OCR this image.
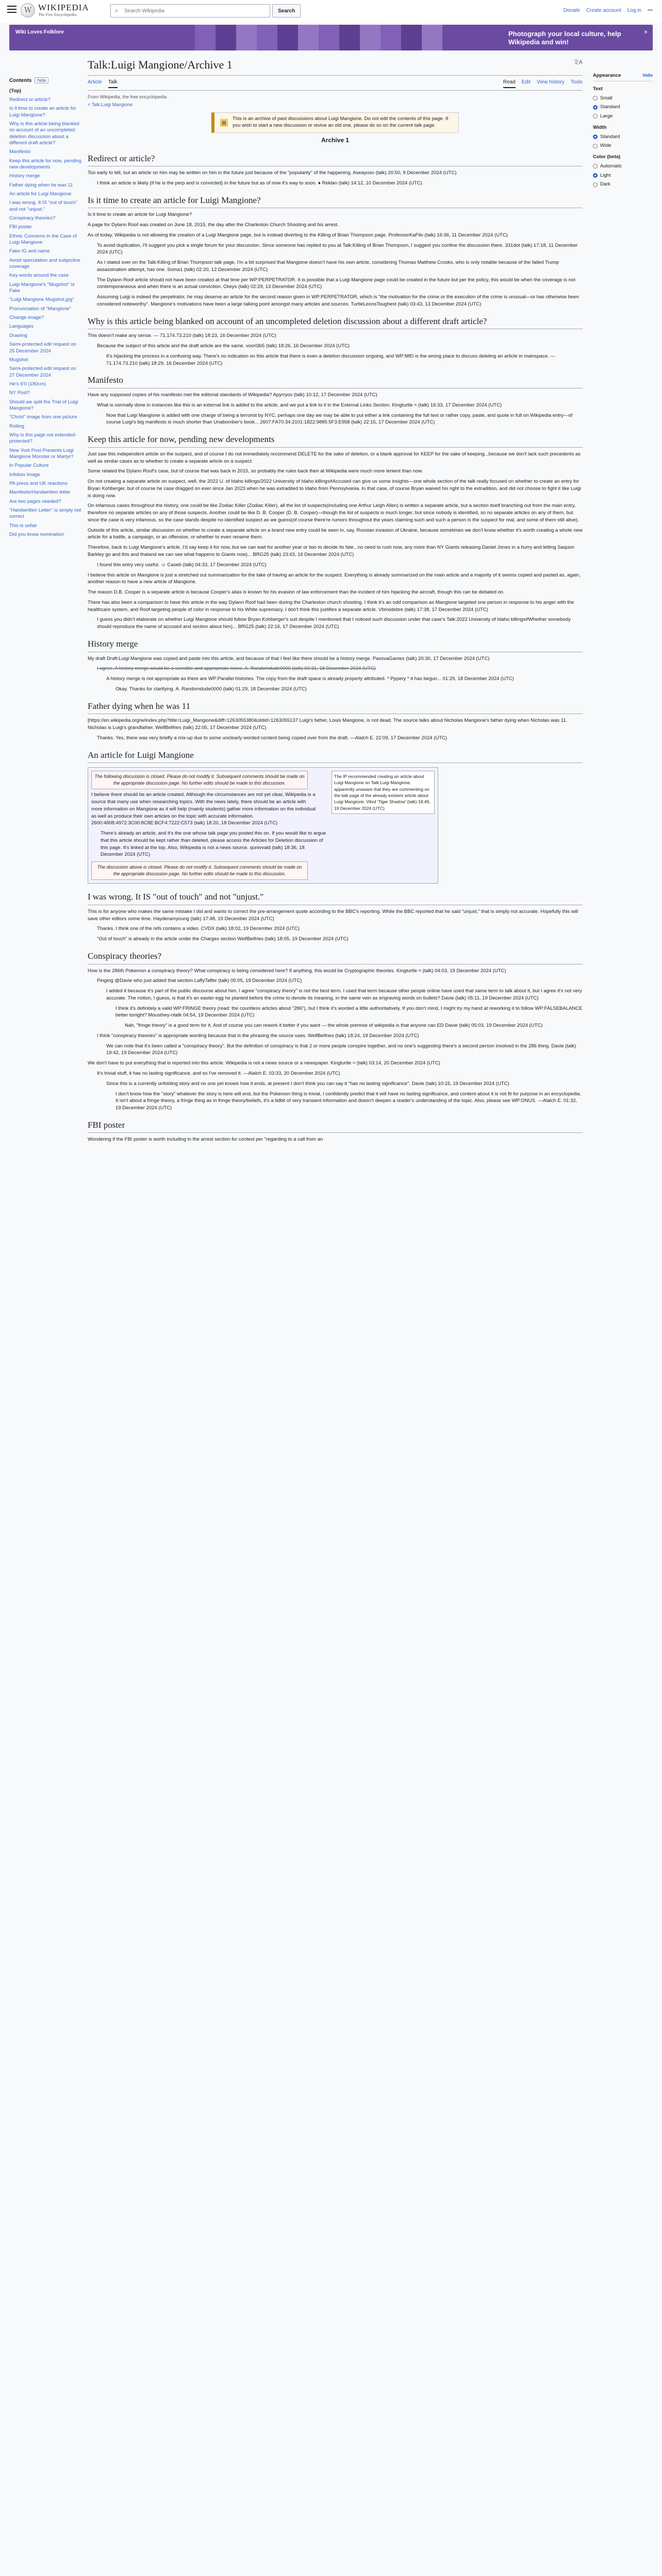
W WIKIPEDIA
The Free Encyclopedia
⌕
Search Wikipedia	Search	Donate Create account Log in ⋯
Wiki Loves Folklore	Photograph your local culture, help Wikipedia and win!
×
Contents hide
(Top)
Redirect or article?
Is it time to create an article for Luigi Mangione?
Why is this article being blanked on account of an uncompleted deletion discussion about a different draft article?
Manifesto
Keep this article for now, pending new developments
History merge
Father dying when he was 11
An article for Luigi Mangione
I was wrong. It IS "out of touch" and not "unjust."
Conspiracy theories?
FBI poster
Ethnic Concerns in the Case of Luigi Mangione
Fake IG and name
Avoid speculation and subjective coverage
Key words around the case
Luigi Mangione's "Mugshot" Is Fake
"Luigi Mangione Mugshot.jpg"
Pronunciation of "Mangione"
Change image?
Languages
Drawing
Semi-protected edit request on 25 December 2024
Mugshot
Semi-protected edit request on 27 December 2024
He's 6'0 (180cm)
NY Post?
Should we split the Trial of Luigi Mangione?
"Christ" image from one picture
Rolling
Why is this page not extended-protected?
New York Post Presents Luigi Mangione Monster or Martyr?
In Popular Culture
Infobox image
PA press and UK reactions
Manifesto/Handwritten letter
Are two pages needed?
"Handwritten Letter" is simply not correct
This is unfair
Did you know nomination
Talk:Luigi Mangione/Archive 1	文A
Article Talk	Read Edit View history Tools
From Wikipedia, the free encyclopedia
< Talk:Luigi Mangione
▣ This is an archive of past discussions about Luigi Mangione. Do not edit the contents of this page. If you wish to start a new discussion or revive an old one, please do so on the current talk page.
Archive 1
Redirect or article?

Too early to tell, but an article on him may be written on him in the future just because of the "popularity" of the happening. Aseayusn (talk) 20:50, 9 December 2024 (UTC)

I think an article is likely (if he is the perp and is convicted) in the future but as of now it's way to soon. ♦ Reklan (talk) 14:12, 10 December 2024 (UTC)

Is it time to create an article for Luigi Mangione?

Is it time to create an article for Luigi Mangione?

A page for Dylann Roof was created on June 18, 2015, the day after the Charleston Church Shooting and his arrest.

As of today, Wikipedia is not allowing the creation of a Luigi Mangione page, but is instead diverting to the Killing of Brian Thompson page. ProfessorKaFilo (talk) 16:36, 11 December 2024 (UTC)

To avoid duplication, I'll suggest you pick a single forum for your discussion. Since someone has replied to you at Talk:Killing of Brian Thompson, I suggest you confine the discussion there. 331dot (talk) 17:18, 11 December 2024 (UTC)

As I stated over on the Talk:Killing of Brian Thompson talk page, I'm a bit surprised that Mangione doesn't have his own article, considering Thomas Matthew Crooks, who is only notable because of the failed Trump assassination attempt, has one. Soma1 (talk) 02:20, 12 December 2024 (UTC)

The Dylann Roof article should not have been created at that time per WP:PERPETRATOR. It is possible that a Luigi Mangione page could be created in the future but per the policy, this would be when the coverage is not contemporaneous and when there is an actual conviction. Ckeys (talk) 02:29, 13 December 2024 (UTC)

Assuming Luigi is indeed the perpetrator, he may deserve an article for the second reason given in WP:PERPETRATOR, which is "the motivation for the crime or the execution of the crime is unusual—or has otherwise been considered noteworthy". Mangione's motivations have been a large talking point amongst many articles and sources. TurtleLeonsToughest (talk) 03:43, 13 December 2024 (UTC)

Why is this article being blanked on account of an uncompleted deletion discussion about a different draft article?

This doesn't make any sense. — 71.174.73.210 (talk) 18:23, 16 December 2024 (UTC)

Because the subject of this article and the draft article are the same. voorl3b5 (talk) 18:26, 16 December 2024 (UTC)

It's hijacking the process in a confusing way. There's no indication on this article that there is even a deletion discussion ongoing, and WP:MfD is the wrong place to discuss deleting an article in mainspace. — 71.174.73.210 (talk) 18:29, 16 December 2024 (UTC)

Manifesto

Have any supposed copies of his manifesto met the editorial standards of Wikipedia? Apyrryos (talk) 10:12, 17 December 2024 (UTC)

What is normally done in instances like this is an external link is added to the article, and we put a link to it in the External Links Section. Kingturtle ≈ (talk) 16:33, 17 December 2024 (UTC)

Now that Luigi Mangione is added with one charge of being a terrorist by NYC, perhaps one day we may be able to put either a link containing the full text or rather copy, paste, and quote in full on Wikipedia entry—of course Luigi's big manifesto is much shorter than Unabomber's book... 2607:FA70:34:2101:1822:9885:5F3:E958 (talk) 22:15, 17 December 2024 (UTC)

Keep this article for now, pending new developments

Just saw this independent article on the suspect, and of course I do not immediately recommend DELETE for the sake of deletion, or a blank approval for KEEP for the sake of keeping...because we don't lack such precedents as well as similar cases as to whether to create a separate article on a suspect.

Some related the Dylann Roof's case, but of course that was back in 2015, so probably the rules back then at Wikipedia were much more lenient than now.

On not creating a separate article on suspect, well, the 2022 U. of Idaho killings/2022 University of Idaho killings#Accused can give us some insights—one whole section of the talk really focused on whether to create an entry for Bryan Kohberger, but of course he case dragged on ever since Jan 2023 when he was extradited to Idaho from Pennsylvania. In that case, of course Bryan waived his right to the extradition, and did not choose to fight it like Luigi is doing now.

On infamous cases throughout the history, one could be like Zodiac Killer (Zodiac Killer), all the list of suspects(including one Arthur Leigh Allen) is written a separate article, but a section itself branching out from the main entry, therefore no separate articles on any of those suspects. Another could be like D. B. Cooper (D. B. Cooper)—though the list of suspects is much longer, but since nobody is identified, so no separate articles on any of them, but since the case is very infamous, so the case stands despite no identified suspect as we guess(of course there're rumors throughout the years claiming such and such a person is the suspect for real, and some of them still alive).

Outside of this article, similar discussion on whether to create a separate article on a brand new entry could be seen in, say, Russian invasion of Ukraine, because sometimes we don't know whether it's worth creating a whole new article for a battle, a campaign, or an offensive, or whether to even rename them.

Therefore, back to Luigi Mangione's article, I'd say keep it for now, but we can wait for another year or two to decide its fate...no need to rush now, any more than NY Giants releasing Daniel Jones in a hurry and letting Saquon Barkley go and this and thatand we can see what happens to Giants now)... BRG25 (talk) 23:43, 16 December 2024 (UTC)

I found this entry very useful. ☺ Caseb (talk) 04:33, 17 December 2024 (UTC)

I believe this article on Mangione is just a stretched out summarization for the take of having an article for the suspect. Everything is already summarized on the main article and a majority of it seems copied and pasted as, again, another reason to have a new article of Mangione.

The reason D.B. Cooper is a separate article is because Cooper's alias is known for his evasion of law enforcement than the incident of him hijacking the aircraft, though this can be debated on.

There has also been a comparison to have this article in the way Dylann Roof had been during the Charleston church shooting. I think it's an odd comparison as Mangione targeted one person in response to his anger with the healthcare system, and Roof targeting people of color in response to his White supremacy. I don't think this justifies a separate article. Vbrixidebre (talk) 17:38, 17 December 2024 (UTC)

I guess you didn't elaborate on whether Luigi Mangione should follow Bryan Kohberger's suit despite I mentioned that I noticed such discussion under that case's Talk:2022 University of Idaho killings#Whether somebody should reproduce the name of accused and section about him)... BRG25 (talk) 22:16, 17 December 2024 (UTC)

History merge

My draft Draft:Luigi Mangione was copied and paste into this article, and because of that I feel like there should be a history merge. PassvaGames (talk) 20:30, 17 December 2024 (UTC)

I agree. A history merge would be a sensible and appropriate move. A. Randomdude0000 (talk) 00:31, 18 December 2024 (UTC)

A history merge is not appropriate as there are WP:Parallel histories. The copy from the draft space is already properly attributed. * Pppery * it has begun... 01:29, 18 December 2024 (UTC)

Okay. Thanks for clarifying. A. Randomdude0000 (talk) 01:29, 18 December 2024 (UTC)

Father dying when he was 11

[https://en.wikipedia.org/w/index.php?title=Luigi_Mangione&diff=1263055380&oldid=1263055137 Luigi's father, Louis Mangione, is not dead. The source talks about Nicholas Mangione's father dying when Nicholas was 11. Nicholas is Luigi's grandfather. WelfBelfries (talk) 22:05, 17 December 2024 (UTC)

Thanks. Yes, there was very briefly a mix-up due to some unclearly worded content being copied over from the draft. —Alalch E. 22:09, 17 December 2024 (UTC)

An article for Luigi Mangione
The following discussion is closed. Please do not modify it. Subsequent comments should be made on the appropriate discussion page. No further edits should be made to this discussion.
The IP recommended creating an article about Luigi Mangione on Talk:Luigi Mangione, apparently unaware that they are commenting on the talk page of the already existent article about Luigi Mangione. Vikrd 'Tiger Shadow' (talk) 18:49, 19 December 2024 (UTC)

I believe there should be an article created. Although the circumstances are not yet clear, Wikipedia is a source that many use when researching topics. With the news lately, there should be an article with more information on Mangione as it will help (mainly students) gather more information on the individual as well as produce their own articles on the topic with accurate information. 2600:4808:4972:3C00:8C8E:BCF4:7222:C573 (talk) 18:20, 18 December 2024 (UTC)

There's already an article, and it's the one whose talk page you posted this on. If you would like to argue that this article should be kept rather than deleted, please access the Articles for Deletion discussion of this page. It's linked at the top. Also, Wikipedia is not a news source. qunivvald (talk) 18:36, 18 December 2024 (UTC)

The discussion above is closed. Please do not modify it. Subsequent comments should be made on the appropriate discussion page. No further edits should be made to this discussion.
I was wrong. It IS "out of touch" and not "unjust."

This is for anyone who makes the same mistake I did and wants to correct the pre-arrangement quote according to the BBC's reporting. While the BBC reported that he said "unjust," that is simply not accurate. Hopefully this will save other editors some time. Hayderamyoung (talk) 17:48, 19 December 2024 (UTC)

Thanks. I think one of the refs contains a video. CVDX (talk) 18:02, 19 December 2024 (UTC)

"Out of touch" is already in the article under the Charges section WelfBelfries (talk) 18:05, 19 December 2024 (UTC)

Conspiracy theories?

How is the 286th Pokemon a conspiracy theory? What conspiracy is being considered here? If anything, this would be Cryptographic theories. Kingturtle ≈ (talk) 04:03, 19 December 2024 (UTC)

Pinging @Davie who just added that section LaffyTaffer (talk) 05:05, 19 December 2024 (UTC)

I added it because it's part of the public discourse about him. I agree "conspiracy theory" is not the best term. I used that term because other people online have used that same term to talk about it, but I agree it's not very accurate. The notion, I guess, is that it's an easter egg he planted before the crime to denote its meaning, in the same vein as engraving words on bullets? Davie (talk) 05:11, 19 December 2024 (UTC)

I think it's definitely a valid WP:FRINGE theory (read: the countless articles about "286"), but I think it's worded a little authoritatively. If you don't mind, I might try my hand at reworking it to follow WP:FALSEBALANCE better tonight? Mousthey-ntatk 04:54, 19 December 2024 (UTC)

Nah, "fringe theory" is a good term for it. And of course you can rework it better if you want — the whole premise of wikipedia is that anyone can ED Davie (talk) 05:03, 19 December 2024 (UTC)

I think "conspiracy theories" is appropriate wording because that is the phrasing the source uses. WelfBelfries (talk) 18:24, 19 December 2024 (UTC)

We can note that it's been called a "conspiracy theory". But the definition of conspiracy is that 2 or more people conspire together, and no one's suggesting there's a second person involved in the 286 thing. Davie (talk) 19:42, 19 December 2024 (UTC)

We don't have to put everything that is reported into this article. Wikipedia is not a news source or a newspaper. Kingturtle ≈ (talk) 03:14, 20 December 2024 (UTC)

It's trivial stuff, it has no lasting significance, and so I've removed it. —Alalch E. 03:33, 20 December 2024 (UTC)

Since this is a currently unfolding story and no one yet knows how it ends, at present I don't think you can say it "has no lasting significance". Davie (talk) 10:15, 19 December 2024 (UTC)

I don't know how the "story" whatever the story is here will end, but the Pokemon thing is trivial, I confidently predict that it will have no lasting significance, and content about it is not fit for purpose in an encyclopedia. It isn't about a fringe theory, a fringe thing as in fringe theory/beliefs, it's a tidbit of very transient information and doesn't deepen a reader's understanding of the topic. Also, please see WP:ONUS. —Alalch E. 01:32, 19 December 2024 (UTC)

FBI poster

Wondering if the FBI poster is worth including in the arrest section for context per "regarding to a call from an

Appearance	hide
Text
Small
Standard
Large
Width
Standard
Wide
Color (beta)
Automatic
Light
Dark
